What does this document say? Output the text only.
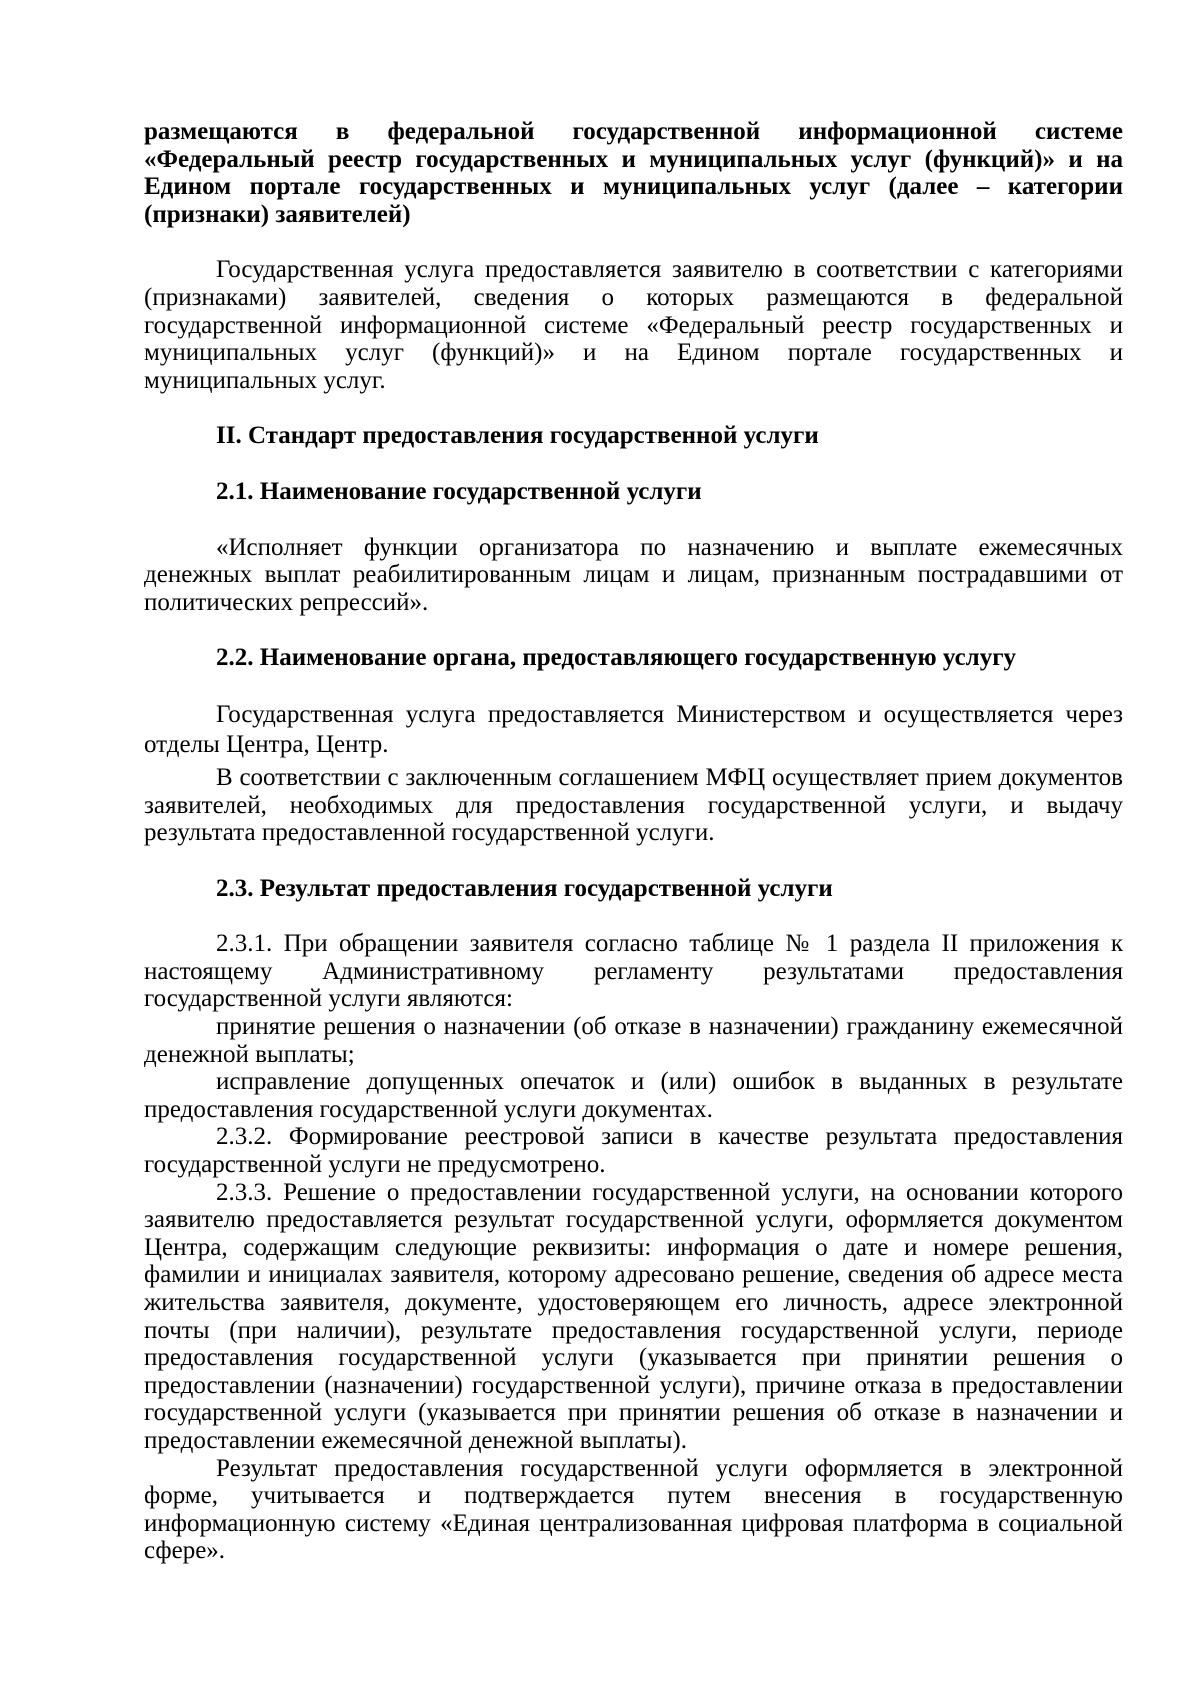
размещаются в федеральной государственной информационной системе «Федеральный реестр государственных и муниципальных услуг (функций)» и на Едином портале государственных и муниципальных услуг (далее – категории (признаки) заявителей)

Государственная услуга предоставляется заявителю в соответствии с категориями (признаками) заявителей, сведения о которых размещаются в федеральной государственной информационной системе «Федеральный реестр государственных и муниципальных услуг (функций)» и на Едином портале государственных и муниципальных услуг.

II. Стандарт предоставления государственной услуги

2.1. Наименование государственной услуги

«Исполняет функции организатора по назначению и выплате ежемесячных денежных выплат реабилитированным лицам и лицам, признанным пострадавшими от политических репрессий».

2.2. Наименование органа, предоставляющего государственную услугу

Государственная услуга предоставляется Министерством и осуществляется через отделы Центра, Центр.

В соответствии с заключенным соглашением МФЦ осуществляет прием документов заявителей, необходимых для предоставления государственной услуги, и выдачу результата предоставленной государственной услуги.

2.3. Результат предоставления государственной услуги

2.3.1. При обращении заявителя согласно таблице № 1 раздела II приложения к настоящему Административному регламенту результатами предоставления государственной услуги являются:

принятие решения о назначении (об отказе в назначении) гражданину ежемесячной денежной выплаты;

исправление допущенных опечаток и (или) ошибок в выданных в результате предоставления государственной услуги документах.

2.3.2. Формирование реестровой записи в качестве результата предоставления государственной услуги не предусмотрено.

2.3.3. Решение о предоставлении государственной услуги, на основании которого заявителю предоставляется результат государственной услуги, оформляется документом Центра, содержащим следующие реквизиты: информация о дате и номере решения, фамилии и инициалах заявителя, которому адресовано решение, сведения об адресе места жительства заявителя, документе, удостоверяющем его личность, адресе электронной почты (при наличии), результате предоставления государственной услуги, периоде предоставления государственной услуги (указывается при принятии решения о предоставлении (назначении) государственной услуги), причине отказа в предоставлении государственной услуги (указывается при принятии решения об отказе в назначении и предоставлении ежемесячной денежной выплаты).

Результат предоставления государственной услуги оформляется в электронной форме, учитывается и подтверждается путем внесения в государственную информационную систему «Единая централизованная цифровая платформа в социальной сфере».
